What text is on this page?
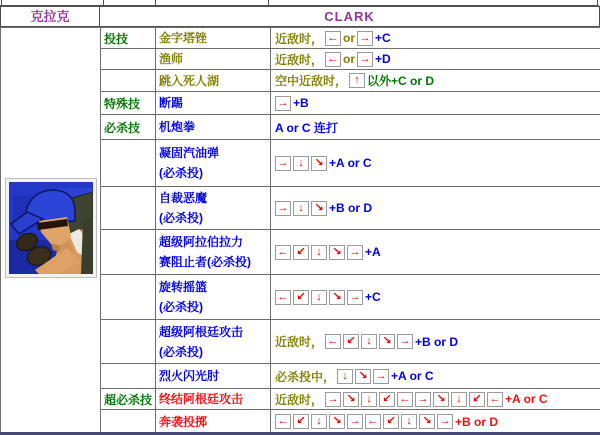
克拉克	CLARK
	投技	金字塔锉	近敌时， ← or → +C

		渔师	近敌时， ← or → +D

		跳入死人湖	空中近敌时， ↑ 以外+C or D
	特殊技	断踢	→ +B
	必杀技	机炮拳	A or C 连打

		凝固汽油弹
(必杀投)	→ ↓ ↘ +A or C

		自裁恶魔
(必杀投)	→ ↓ ↘ +B or D

		超级阿拉伯拉力
赛阻止者(必杀投)	← ↙ ↓ ↘ → +A

		旋转摇篮
(必杀投)	← ↙ ↓ ↘ → +C

		超级阿根廷攻击
(必杀投)	近敌时， ← ↙ ↓ ↘ → +B or D

		烈火闪光肘	必杀投中， ↓ ↘ → +A or C
	超必杀技	终结阿根廷攻击	近敌时， → ↘ ↓ ↙ ← → ↘ ↓ ↙ ← +A or C

		奔袭投掷	← ↙ ↓ ↘ → ← ↙ ↓ ↘ → +B or D
